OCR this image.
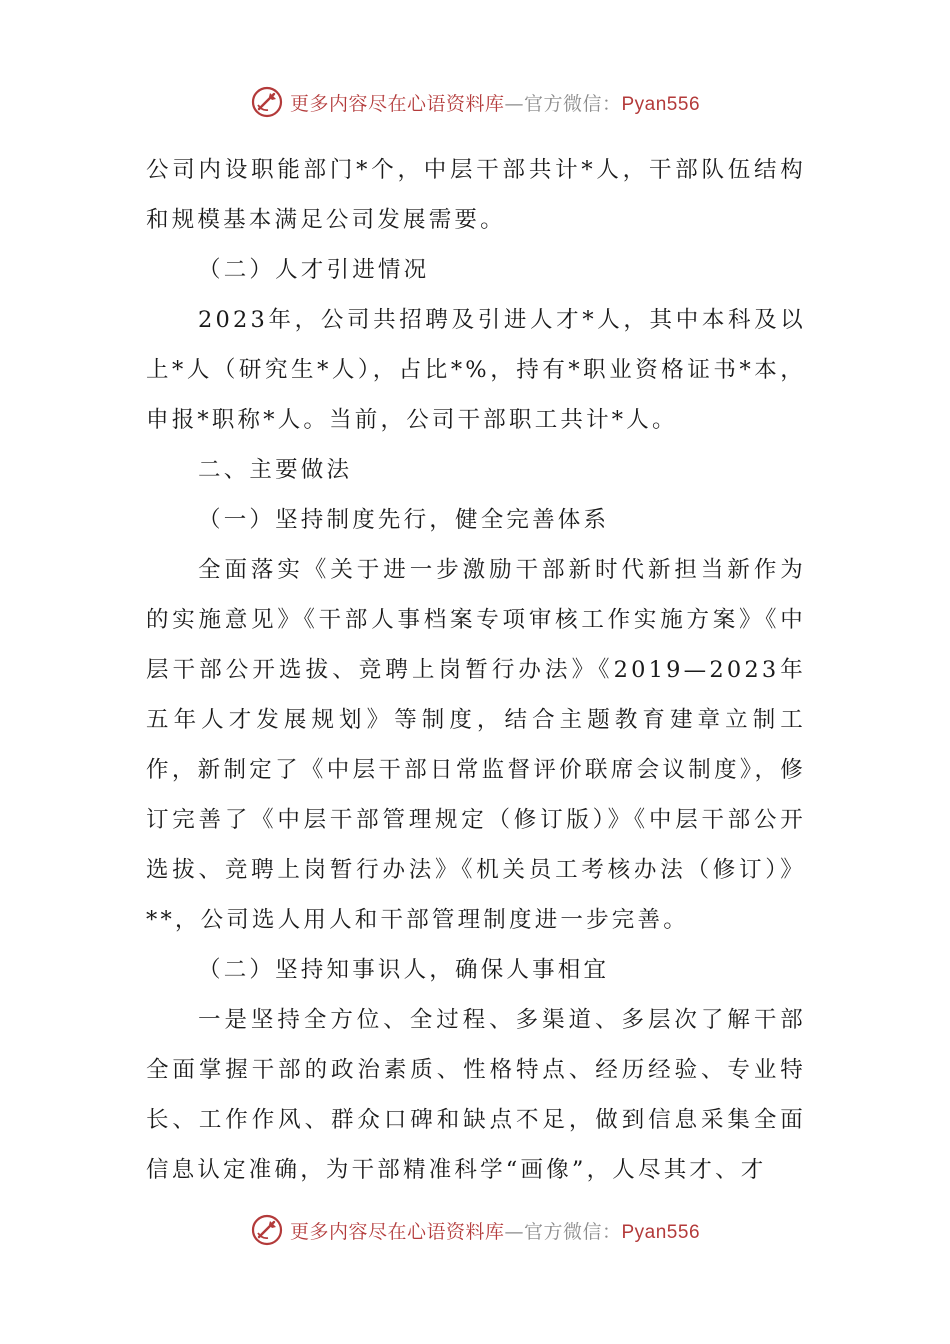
更多内容尽在心语资料库—官方微信：Pyan556

公司内设职能部门*个，中层干部共计*人，干部队伍结构和规模基本满足公司发展需要。

（二）人才引进情况

2023年，公司共招聘及引进人才*人，其中本科及以上*人（研究生*人），占比*%，持有*职业资格证书*本，申报*职称*人。当前，公司干部职工共计*人。

二、主要做法

（一）坚持制度先行，健全完善体系

全面落实《关于进一步激励干部新时代新担当新作为的实施意见》《干部人事档案专项审核工作实施方案》《中层干部公开选拔、竞聘上岗暂行办法》《2019—2023年五年人才发展规划》等制度，结合主题教育建章立制工作，新制定了《中层干部日常监督评价联席会议制度》，修订完善了《中层干部管理规定（修订版）》《中层干部公开选拔、竞聘上岗暂行办法》《机关员工考核办法（修订）》**，公司选人用人和干部管理制度进一步完善。

（二）坚持知事识人，确保人事相宜

一是坚持全方位、全过程、多渠道、多层次了解干部全面掌握干部的政治素质、性格特点、经历经验、专业特长、工作作风、群众口碑和缺点不足，做到信息采集全面信息认定准确，为干部精准科学“画像”，人尽其才、才

更多内容尽在心语资料库—官方微信：Pyan556
